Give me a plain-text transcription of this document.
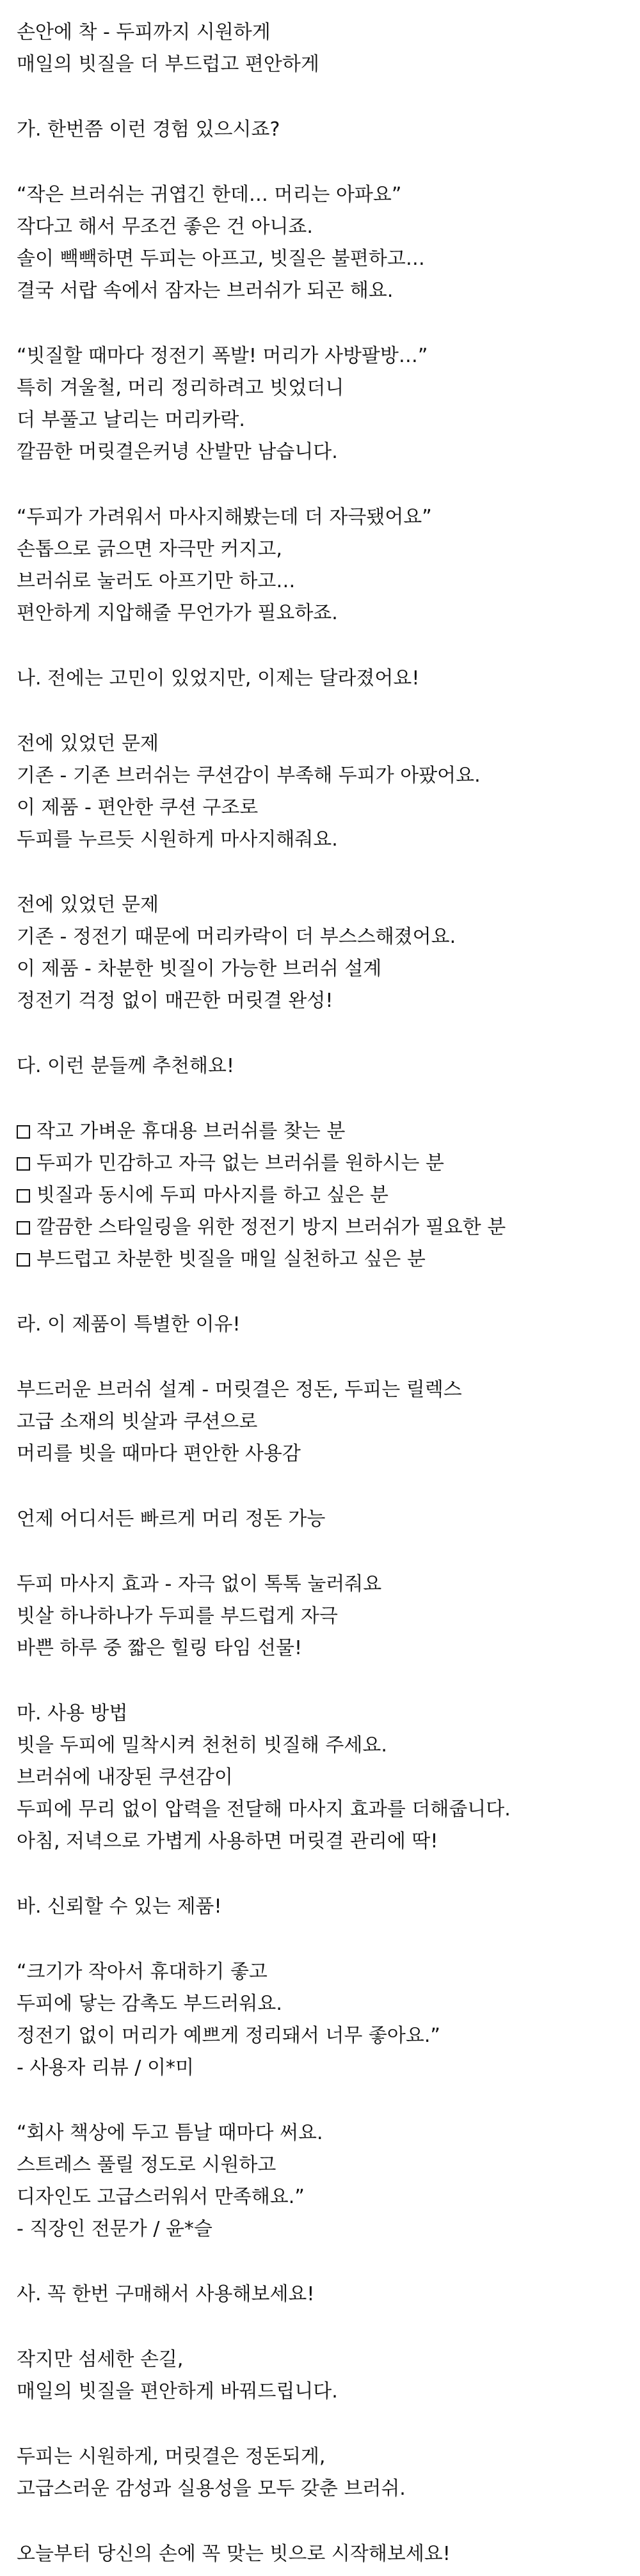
손안에 착 - 두피까지 시원하게
매일의 빗질을 더 부드럽고 편안하게
가. 한번쯤 이런 경험 있으시죠?
“작은 브러쉬는 귀엽긴 한데… 머리는 아파요”
작다고 해서 무조건 좋은 건 아니죠.
솔이 빽빽하면 두피는 아프고, 빗질은 불편하고…
결국 서랍 속에서 잠자는 브러쉬가 되곤 해요.
“빗질할 때마다 정전기 폭발! 머리가 사방팔방…”
특히 겨울철, 머리 정리하려고 빗었더니
더 부풀고 날리는 머리카락.
깔끔한 머릿결은커녕 산발만 남습니다.
“두피가 가려워서 마사지해봤는데 더 자극됐어요”
손톱으로 긁으면 자극만 커지고,
브러쉬로 눌러도 아프기만 하고…
편안하게 지압해줄 무언가가 필요하죠.
나. 전에는 고민이 있었지만, 이제는 달라졌어요!
전에 있었던 문제
기존 - 기존 브러쉬는 쿠션감이 부족해 두피가 아팠어요.
이 제품 - 편안한 쿠션 구조로
두피를 누르듯 시원하게 마사지해줘요.
전에 있었던 문제
기존 - 정전기 때문에 머리카락이 더 부스스해졌어요.
이 제품 - 차분한 빗질이 가능한 브러쉬 설계
정전기 걱정 없이 매끈한 머릿결 완성!
다. 이런 분들께 추천해요!
작고 가벼운 휴대용 브러쉬를 찾는 분
두피가 민감하고 자극 없는 브러쉬를 원하시는 분
빗질과 동시에 두피 마사지를 하고 싶은 분
깔끔한 스타일링을 위한 정전기 방지 브러쉬가 필요한 분
부드럽고 차분한 빗질을 매일 실천하고 싶은 분
라. 이 제품이 특별한 이유!
부드러운 브러쉬 설계 - 머릿결은 정돈, 두피는 릴렉스
고급 소재의 빗살과 쿠션으로
머리를 빗을 때마다 편안한 사용감
언제 어디서든 빠르게 머리 정돈 가능
두피 마사지 효과 - 자극 없이 톡톡 눌러줘요
빗살 하나하나가 두피를 부드럽게 자극
바쁜 하루 중 짧은 힐링 타임 선물!
마. 사용 방법
빗을 두피에 밀착시켜 천천히 빗질해 주세요.
브러쉬에 내장된 쿠션감이
두피에 무리 없이 압력을 전달해 마사지 효과를 더해줍니다.
아침, 저녁으로 가볍게 사용하면 머릿결 관리에 딱!
바. 신뢰할 수 있는 제품!
“크기가 작아서 휴대하기 좋고
두피에 닿는 감촉도 부드러워요.
정전기 없이 머리가 예쁘게 정리돼서 너무 좋아요.”
- 사용자 리뷰 / 이*미
“회사 책상에 두고 틈날 때마다 써요.
스트레스 풀릴 정도로 시원하고
디자인도 고급스러워서 만족해요.”
- 직장인 전문가 / 윤*슬
사. 꼭 한번 구매해서 사용해보세요!
작지만 섬세한 손길,
매일의 빗질을 편안하게 바꿔드립니다.
두피는 시원하게, 머릿결은 정돈되게,
고급스러운 감성과 실용성을 모두 갖춘 브러쉬.
오늘부터 당신의 손에 꼭 맞는 빗으로 시작해보세요!
